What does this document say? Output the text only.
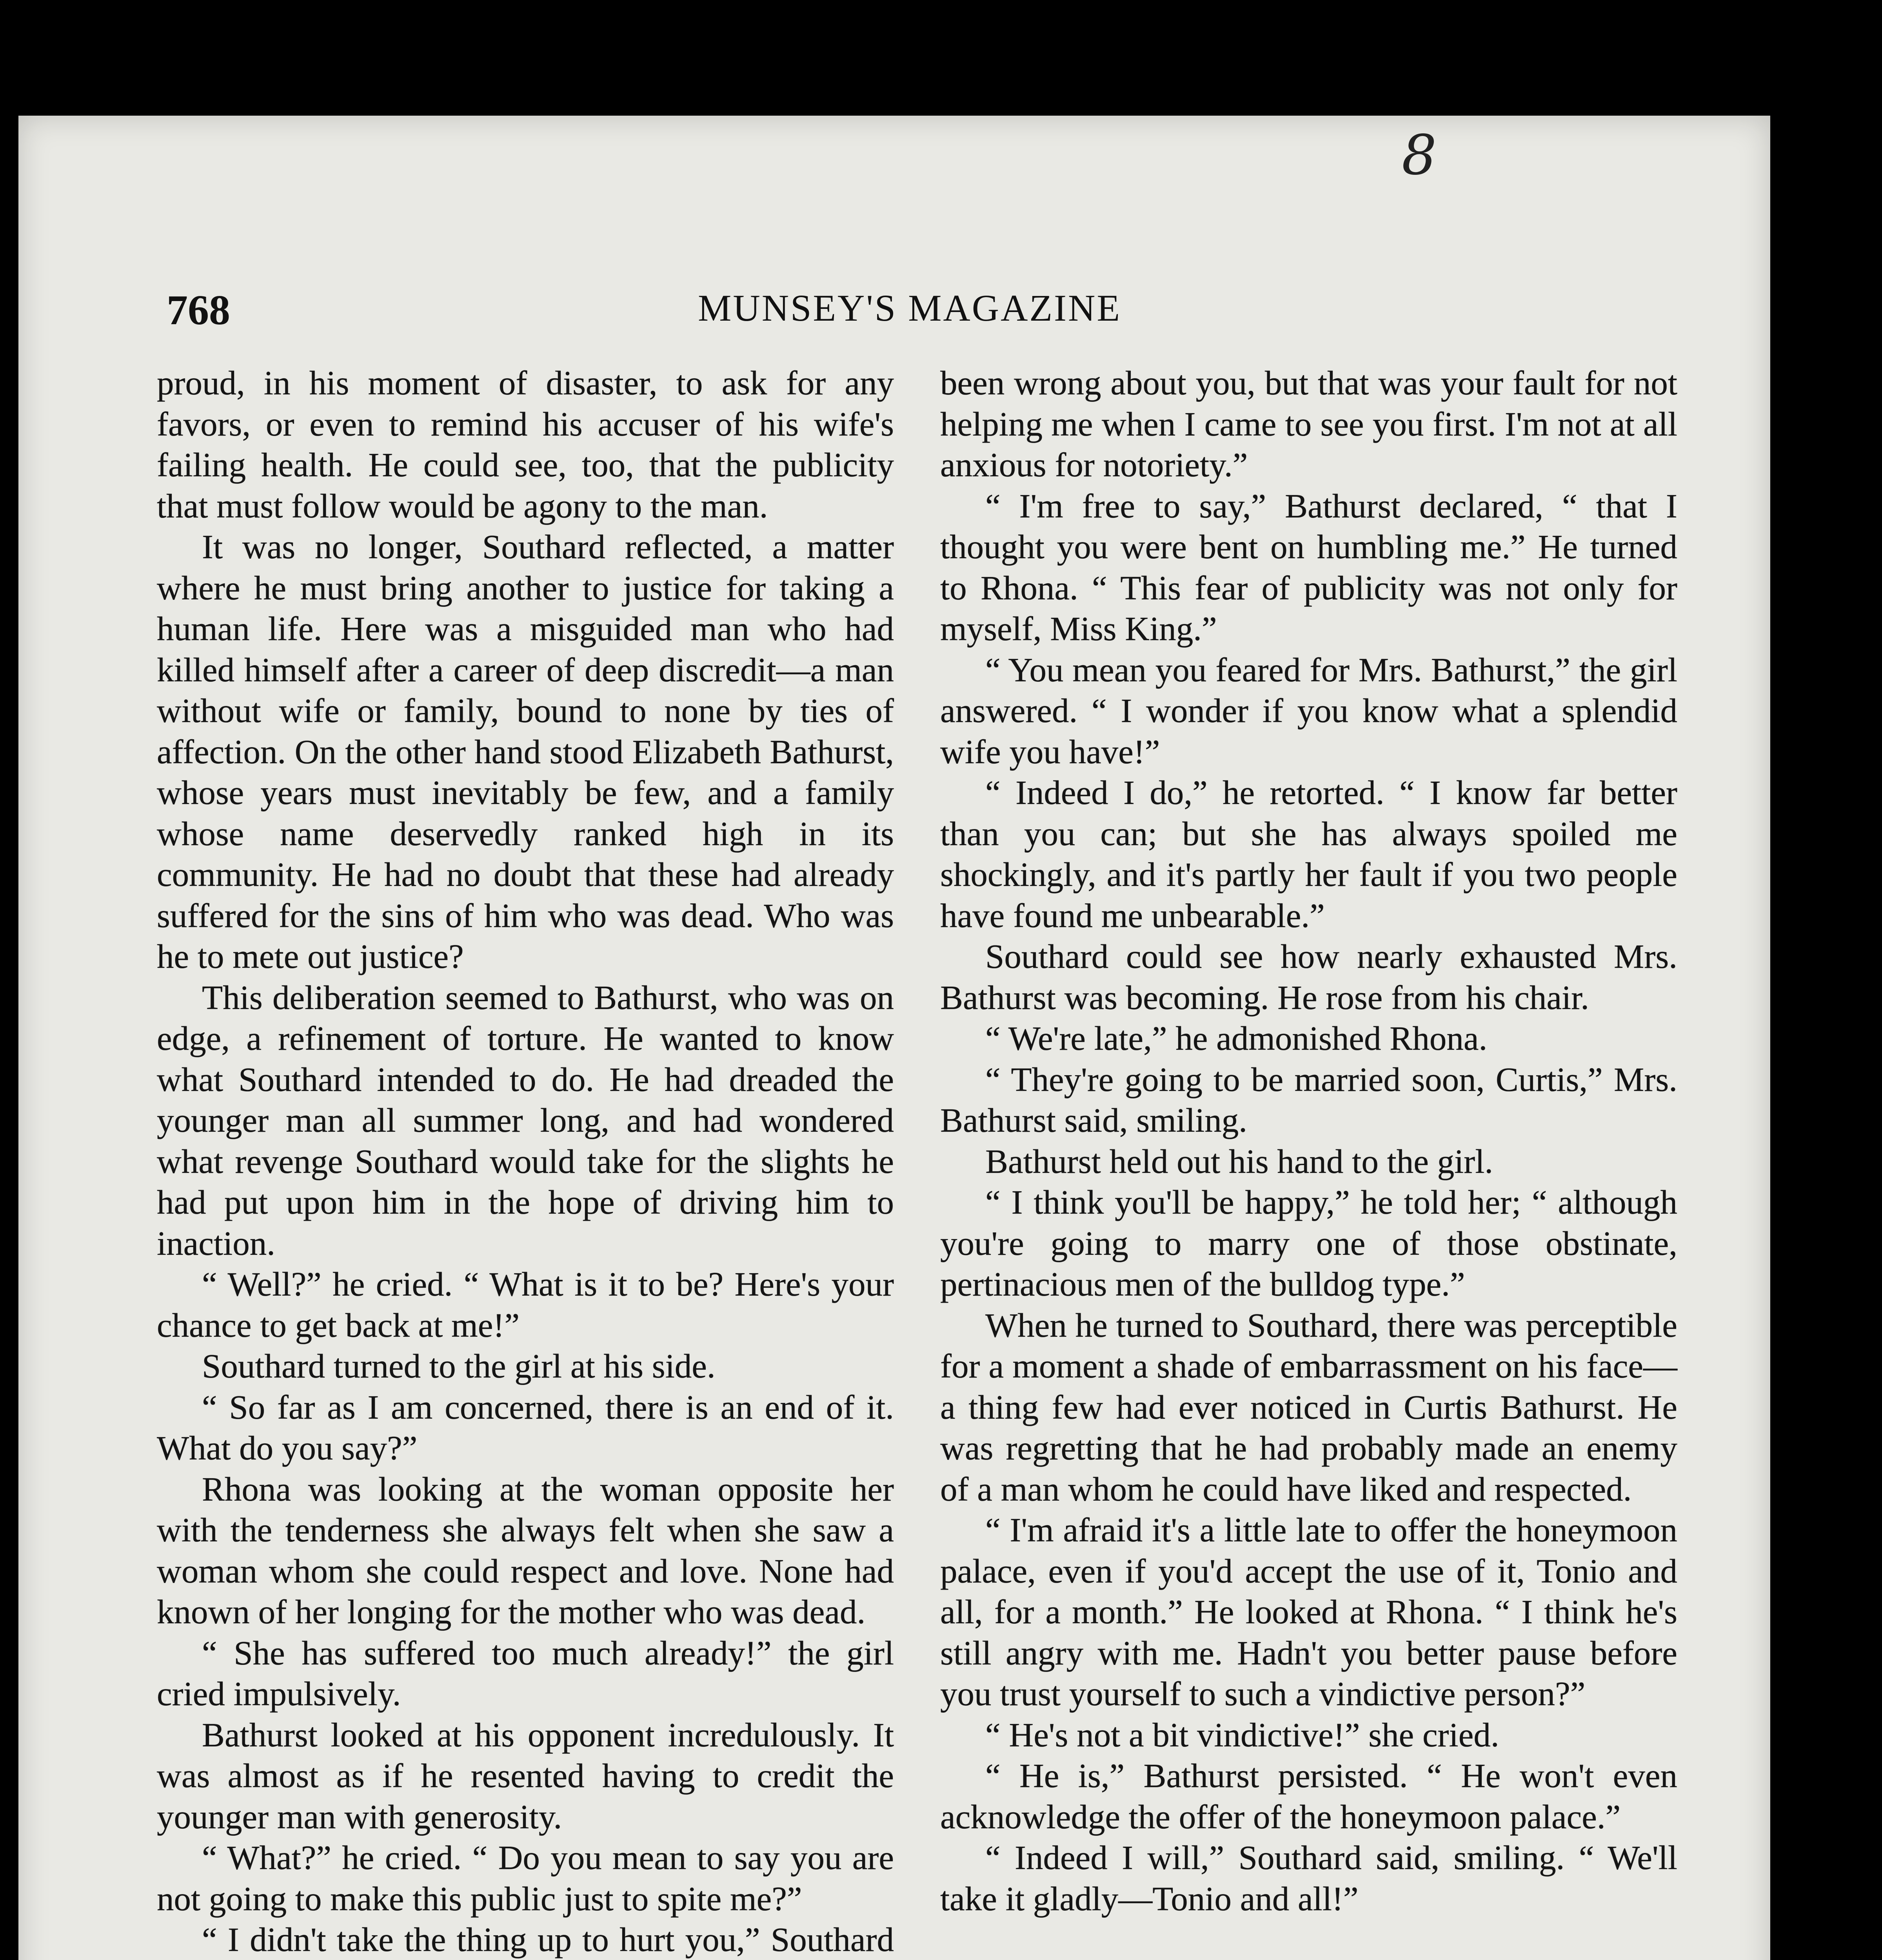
8
768	MUNSEY'S MAGAZINE

proud, in his moment of disaster, to ask for any favors, or even to remind his accuser of his wife's failing health. He could see, too, that the publicity that must follow would be agony to the man.

It was no longer, Southard reflected, a matter where he must bring another to justice for taking a human life. Here was a misguided man who had killed himself after a career of deep discredit—a man without wife or family, bound to none by ties of affection. On the other hand stood Elizabeth Bathurst, whose years must inevitably be few, and a family whose name deservedly ranked high in its community. He had no doubt that these had already suffered for the sins of him who was dead. Who was he to mete out justice?

This deliberation seemed to Bathurst, who was on edge, a refinement of torture. He wanted to know what Southard intended to do. He had dreaded the younger man all summer long, and had wondered what revenge Southard would take for the slights he had put upon him in the hope of driving him to inaction.

“ Well?” he cried. “ What is it to be? Here's your chance to get back at me!”

Southard turned to the girl at his side.

“ So far as I am concerned, there is an end of it. What do you say?”

Rhona was looking at the woman opposite her with the tenderness she always felt when she saw a woman whom she could respect and love. None had known of her longing for the mother who was dead.

“ She has suffered too much already!” the girl cried impulsively.

Bathurst looked at his opponent incredulously. It was almost as if he resented having to credit the younger man with generosity.

“ What?” he cried. “ Do you mean to say you are not going to make this public just to spite me?”

“ I didn't take the thing up to hurt you,” Southard

been wrong about you, but that was your fault for not helping me when I came to see you first. I'm not at all anxious for notoriety.”

“ I'm free to say,” Bathurst declared, “ that I thought you were bent on humbling me.” He turned to Rhona. “ This fear of publicity was not only for myself, Miss King.”

“ You mean you feared for Mrs. Bathurst,” the girl answered. “ I wonder if you know what a splendid wife you have!”

“ Indeed I do,” he retorted. “ I know far better than you can; but she has always spoiled me shockingly, and it's partly her fault if you two people have found me unbearable.”

Southard could see how nearly exhausted Mrs. Bathurst was becoming. He rose from his chair.

“ We're late,” he admonished Rhona.

“ They're going to be married soon, Curtis,” Mrs. Bathurst said, smiling.

Bathurst held out his hand to the girl.

“ I think you'll be happy,” he told her; “ although you're going to marry one of those obstinate, pertinacious men of the bulldog type.”

When he turned to Southard, there was perceptible for a moment a shade of embarrassment on his face—a thing few had ever noticed in Curtis Bathurst. He was regretting that he had probably made an enemy of a man whom he could have liked and respected.

“ I'm afraid it's a little late to offer the honeymoon palace, even if you'd accept the use of it, Tonio and all, for a month.” He looked at Rhona. “ I think he's still angry with me. Hadn't you better pause before you trust yourself to such a vindictive person?”

“ He's not a bit vindictive!” she cried.

“ He is,” Bathurst persisted. “ He won't even acknowledge the offer of the honeymoon palace.”

“ Indeed I will,” Southard said, smiling. “ We'll take it gladly—Tonio and all!”
